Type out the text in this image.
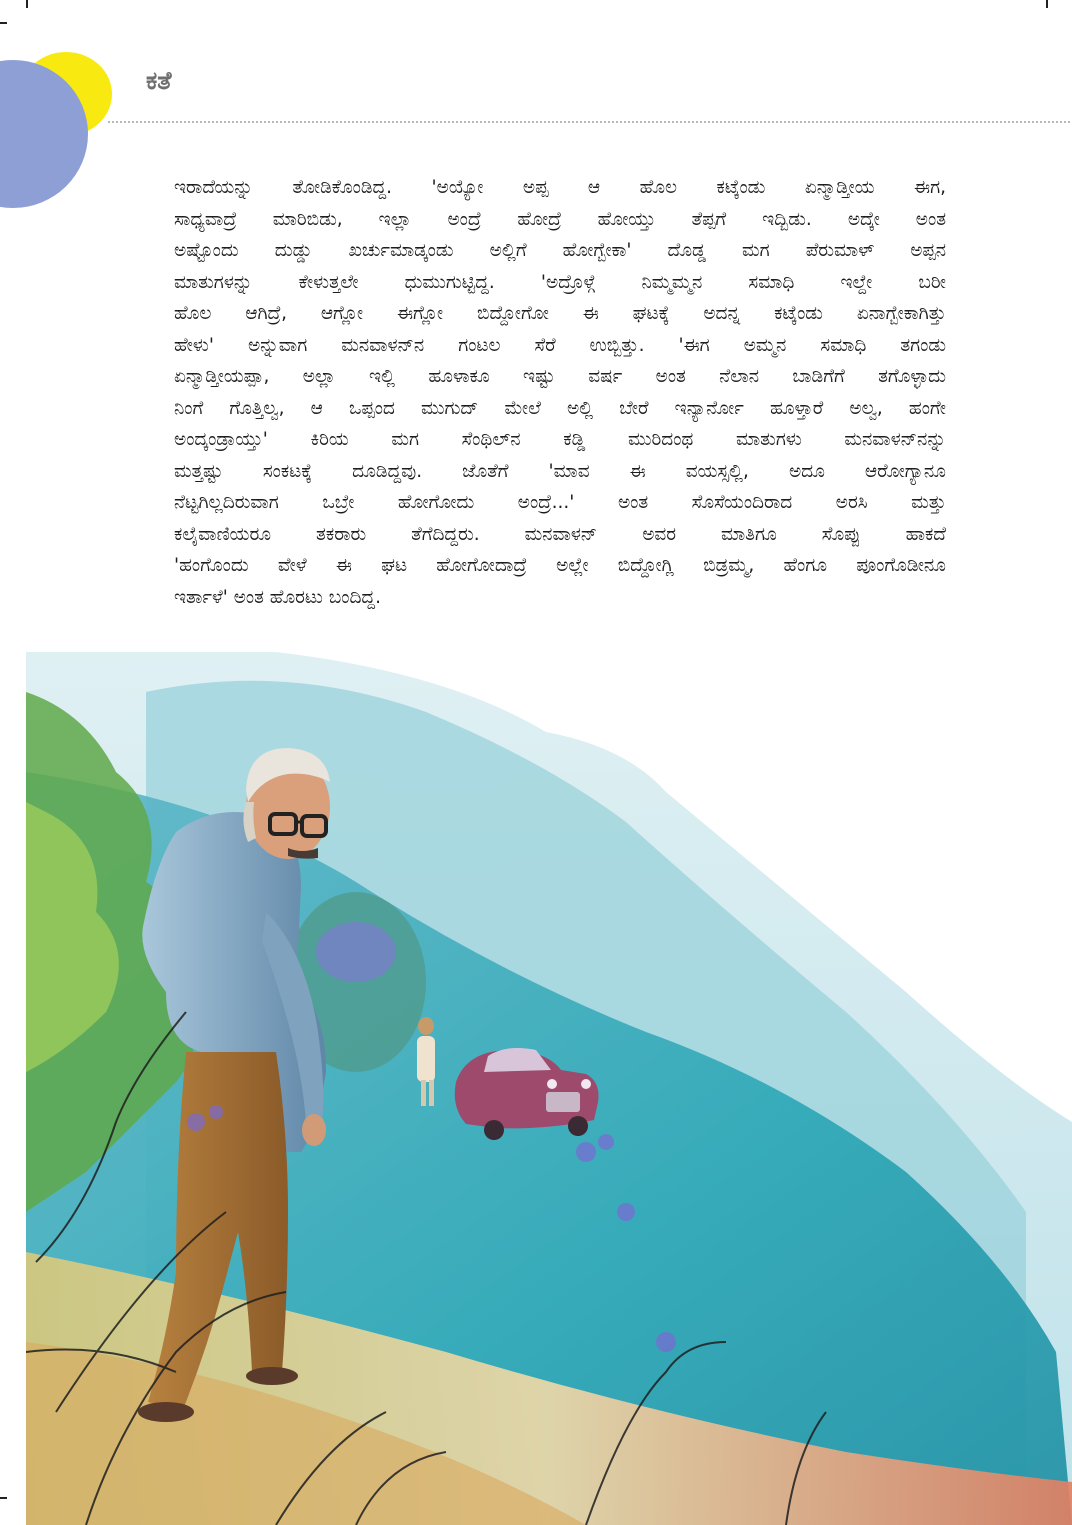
ಕತೆ
ಇರಾದೆಯನ್ನು ತೋಡಿಕೊಂಡಿದ್ದ. 'ಅಯ್ಯೋ ಅಪ್ಪ ಆ ಹೊಲ ಕಟ್ಕೆಂಡು ಏನ್ಮಾಡ್ತೀಯ ಈಗ,
ಸಾಧ್ಯವಾದ್ರೆ ಮಾರಿಬಿಡು, ಇಲ್ಲಾ ಅಂದ್ರೆ ಹೋದ್ರೆ ಹೋಯ್ತು ತೆಪ್ಪಗೆ ಇದ್ಬಿಡು. ಅದ್ಕೇ ಅಂತ
ಅಷ್ಟೊಂದು ದುಡ್ಡು ಖರ್ಚುಮಾಡ್ಕಂಡು ಅಲ್ಲಿಗೆ ಹೋಗ್ಬೇಕಾ' ದೊಡ್ಡ ಮಗ ಪೆರುಮಾಳ್ ಅಪ್ಪನ
ಮಾತುಗಳನ್ನು ಕೇಳುತ್ತಲೇ ಧುಮುಗುಟ್ಟಿದ್ದ. 'ಅದ್ರೊಳ್ಗೆ ನಿಮ್ಮಮ್ಮನ ಸಮಾಧಿ ಇಲ್ದೇ ಬರೀ
ಹೊಲ ಆಗಿದ್ರೆ, ಆಗ್ಲೋ ಈಗ್ಲೋ ಬಿದ್ದೋಗೋ ಈ ಘಟಕ್ಕೆ ಅದನ್ನ ಕಟ್ಕೆಂಡು ಏನಾಗ್ಬೇಕಾಗಿತ್ತು
ಹೇಳು' ಅನ್ನುವಾಗ ಮನವಾಳನ್‌ನ ಗಂಟಲ ಸೆರೆ ಉಬ್ಬಿತ್ತು. 'ಈಗ ಅಮ್ಮನ ಸಮಾಧಿ ತಗಂಡು
ಏನ್ಮಾಡ್ತೀಯಪ್ಪಾ, ಅಲ್ಲಾ ಇಲ್ಲಿ ಹೂಳಾಕೂ ಇಷ್ಟು ವರ್ಷ ಅಂತ ನೆಲಾನ ಬಾಡಿಗೆಗೆ ತಗೊಳ್ಳಾದು
ನಿಂಗೆ ಗೊತ್ತಿಲ್ವ, ಆ ಒಪ್ಪಂದ ಮುಗುದ್ ಮೇಲೆ ಅಲ್ಲಿ ಬೇರೆ ಇನ್ಯಾರ್ನೋ ಹೂಳ್ತಾರೆ ಅಲ್ವ, ಹಂಗೇ
ಅಂದ್ಕಂಡ್ರಾಯ್ತು' ಕಿರಿಯ ಮಗ ಸೆಂಥಿಲ್‌ನ ಕಡ್ಡಿ ಮುರಿದಂಥ ಮಾತುಗಳು ಮನವಾಳನ್‌ನನ್ನು
ಮತ್ತಷ್ಟು ಸಂಕಟಕ್ಕೆ ದೂಡಿದ್ದವು. ಜೊತೆಗೆ 'ಮಾವ ಈ ವಯಸ್ಸಲ್ಲಿ, ಅದೂ ಆರೋಗ್ಯಾನೂ
ನೆಟ್ಟಗಿಲ್ಲದಿರುವಾಗ ಒಬ್ರೇ ಹೋಗೋದು ಅಂದ್ರೆ...' ಅಂತ ಸೊಸೆಯಂದಿರಾದ ಅರಸಿ ಮತ್ತು
ಕಲೈವಾಣಿಯರೂ ತಕರಾರು ತೆಗೆದಿದ್ದರು. ಮನವಾಳನ್ ಅವರ ಮಾತಿಗೂ ಸೊಪ್ಪು ಹಾಕದೆ
'ಹಂಗೊಂದು ವೇಳೆ ಈ ಘಟ ಹೋಗೋದಾದ್ರೆ ಅಲ್ಲೇ ಬಿದ್ದೋಗ್ಲಿ ಬಿಡ್ರಮ್ಮ, ಹೆಂಗೂ ಪೂಂಗೊಡೀನೂ
ಇರ್ತಾಳೆ' ಅಂತ ಹೊರಟು ಬಂದಿದ್ದ.
